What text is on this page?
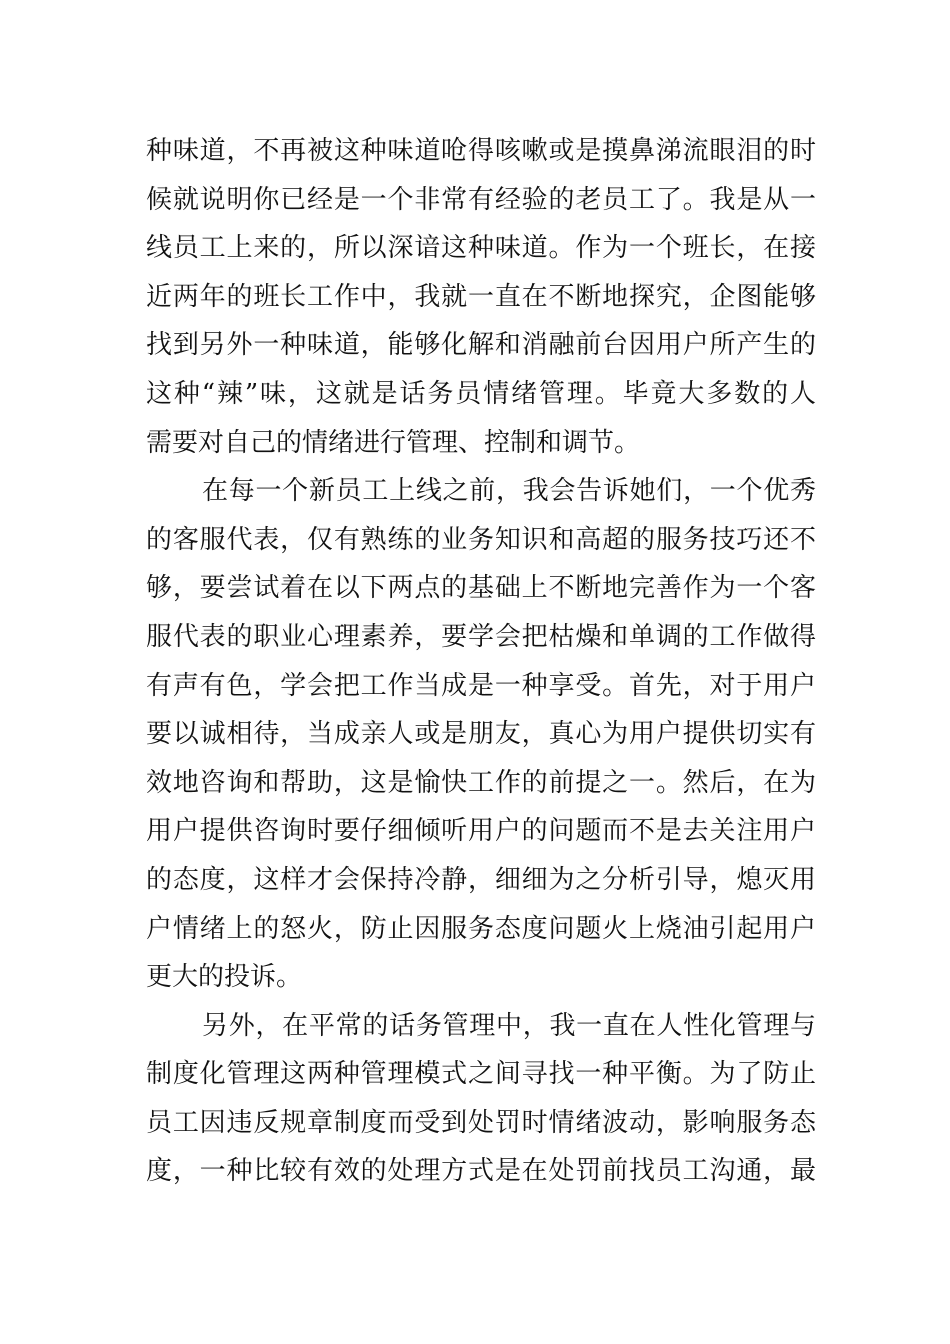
种味道，不再被这种味道呛得咳嗽或是摸鼻涕流眼泪的时
候就说明你已经是一个非常有经验的老员工了。我是从一
线员工上来的，所以深谙这种味道。作为一个班长，在接
近两年的班长工作中，我就一直在不断地探究，企图能够
找到另外一种味道，能够化解和消融前台因用户所产生的
这种“辣”味，这就是话务员情绪管理。毕竟大多数的人
需要对自己的情绪进行管理、控制和调节。
在每一个新员工上线之前，我会告诉她们，一个优秀
的客服代表，仅有熟练的业务知识和高超的服务技巧还不
够，要尝试着在以下两点的基础上不断地完善作为一个客
服代表的职业心理素养，要学会把枯燥和单调的工作做得
有声有色，学会把工作当成是一种享受。首先，对于用户
要以诚相待，当成亲人或是朋友，真心为用户提供切实有
效地咨询和帮助，这是愉快工作的前提之一。然后，在为
用户提供咨询时要仔细倾听用户的问题而不是去关注用户
的态度，这样才会保持冷静，细细为之分析引导，熄灭用
户情绪上的怒火，防止因服务态度问题火上烧油引起用户
更大的投诉。
另外，在平常的话务管理中，我一直在人性化管理与
制度化管理这两种管理模式之间寻找一种平衡。为了防止
员工因违反规章制度而受到处罚时情绪波动，影响服务态
度，一种比较有效的处理方式是在处罚前找员工沟通，最
